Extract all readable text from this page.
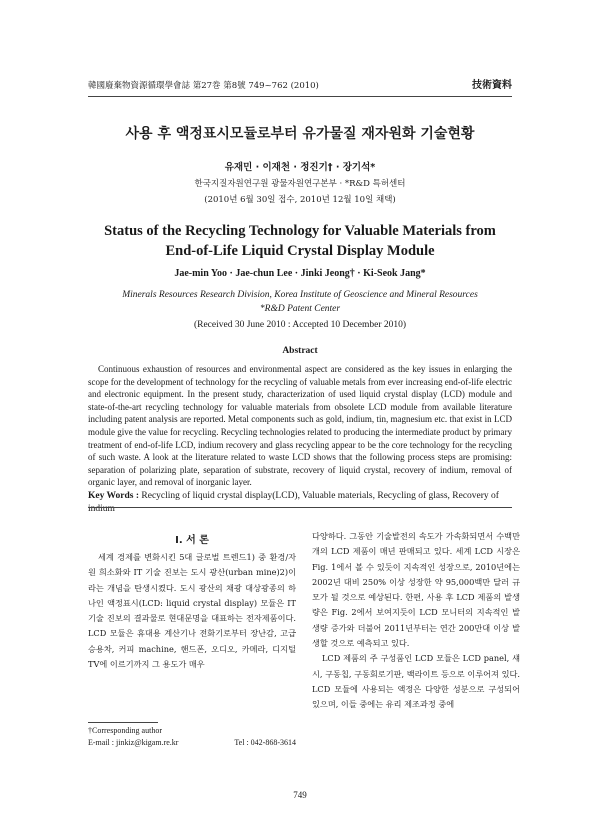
韓國廢棄物資源循環學會誌 第27巻 第8號 749~762 (2010)	技術資料
사용 후 액정표시모듈로부터 유가물질 재자원화 기술현황
유재민 · 이재천 · 정진기† · 장기석*
한국지질자원연구원 광물자원연구본부 · *R&D 특허센터
(2010년 6월 30일 접수, 2010년 12월 10일 채택)
Status of the Recycling Technology for Valuable Materials from End-of-Life Liquid Crystal Display Module
Jae-min Yoo · Jae-chun Lee · Jinki Jeong† · Ki-Seok Jang*
Minerals Resources Research Division, Korea Institute of Geoscience and Mineral Resources
*R&D Patent Center
(Received 30 June 2010 : Accepted 10 December 2010)
Abstract

Continuous exhaustion of resources and environmental aspect are considered as the key issues in enlarging the scope for the development of technology for the recycling of valuable metals from ever increasing end-of-life electric and electronic equipment. In the present study, characterization of used liquid crystal display (LCD) module and state-of-the-art recycling technology for valuable materials from obsolete LCD module from available literature including patent analysis are reported. Metal components such as gold, indium, tin, magnesium etc. that exist in LCD module give the value for recycling. Recycling technologies related to producing the intermediate product by primary treatment of end-of-life LCD, indium recovery and glass recycling appear to be the core technology for the recycling of such waste. A look at the literature related to waste LCD shows that the following process steps are promising: separation of polarizing plate, separation of substrate, recovery of liquid crystal, recovery of indium, removal of organic layer, and removal of inorganic layer.

Key Words : Recycling of liquid crystal display(LCD), Valuable materials, Recycling of glass, Recovery of indium

I. 서 론

세계 경제를 변화시킨 5대 글로벌 트렌드1) 중 환경/자원 희소화와 IT 기술 진보는 도시 광산(urban mine)2)이라는 개념을 탄생시켰다. 도시 광산의 채광 대상광종의 하나인 액정표시(LCD: liquid crystal display) 모듈은 IT 기술 진보의 결과물로 현대문명을 대표하는 전자제품이다. LCD 모듈은 휴대용 계산기나 전화기로부터 장난감, 고급 승용차, 커피 machine, 핸드폰, 오디오, 카메라, 디지털 TV에 이르기까지 그 용도가 매우

다양하다. 그동안 기술발전의 속도가 가속화되면서 수백만 개의 LCD 제품이 매년 판매되고 있다. 세계 LCD 시장은 Fig. 1에서 볼 수 있듯이 지속적인 성장으로, 2010년에는 2002년 대비 250% 이상 성장한 약 95,000백만 달러 규모가 될 것으로 예상된다. 한편, 사용 후 LCD 제품의 발생량은 Fig. 2에서 보여지듯이 LCD 모니터의 지속적인 발생량 증가와 더불어 2011년부터는 연간 200만대 이상 발생할 것으로 예측되고 있다.

LCD 제품의 주 구성품인 LCD 모듈은 LCD panel, 섀시, 구동칩, 구동회로기판, 백라이트 등으로 이루어져 있다. LCD 모듈에 사용되는 액정은 다양한 성분으로 구성되어 있으며, 이들 중에는 유리 제조과정 중에

†Corresponding author
E-mail : jinkiz@kigam.re.kr	Tel : 042-868-3614
749
